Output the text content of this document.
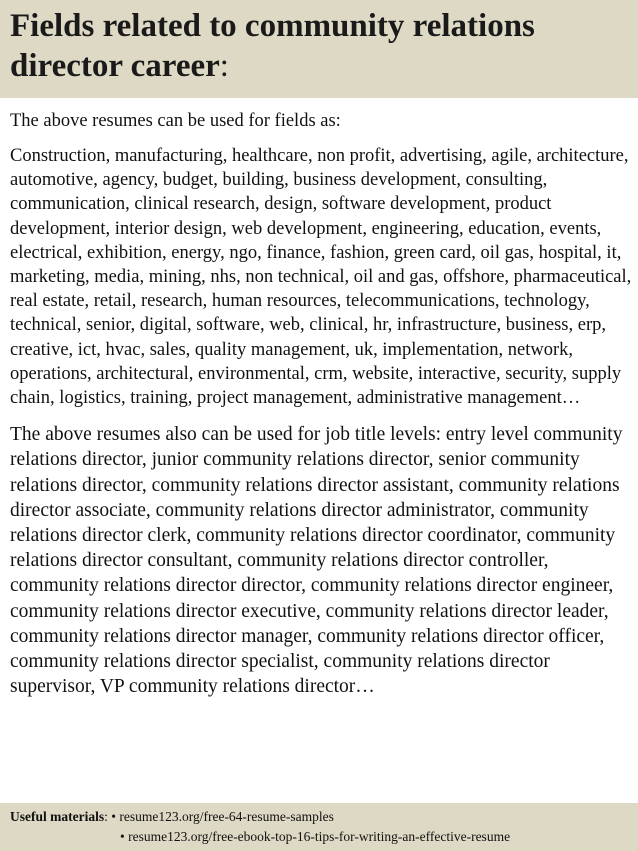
Fields related to community relations director career:

The above resumes can be used for fields as:

Construction, manufacturing, healthcare, non profit, advertising, agile, architecture, automotive, agency, budget, building, business development, consulting, communication, clinical research, design, software development, product development, interior design, web development, engineering, education, events, electrical, exhibition, energy, ngo, finance, fashion, green card, oil gas, hospital, it, marketing, media, mining, nhs, non technical, oil and gas, offshore, pharmaceutical, real estate, retail, research, human resources, telecommunications, technology, technical, senior, digital, software, web, clinical, hr, infrastructure, business, erp, creative, ict, hvac, sales, quality management, uk, implementation, network, operations, architectural, environmental, crm, website, interactive, security, supply chain, logistics, training, project management, administrative management…

The above resumes also can be used for job title levels: entry level community relations director, junior community relations director, senior community relations director, community relations director assistant, community relations director associate, community relations director administrator, community relations director clerk, community relations director coordinator, community relations director consultant, community relations director controller, community relations director director, community relations director engineer, community relations director executive, community relations director leader, community relations director manager, community relations director officer, community relations director specialist, community relations director supervisor, VP community relations director…

Useful materials: • resume123.org/free-64-resume-samples
• resume123.org/free-ebook-top-16-tips-for-writing-an-effective-resume
